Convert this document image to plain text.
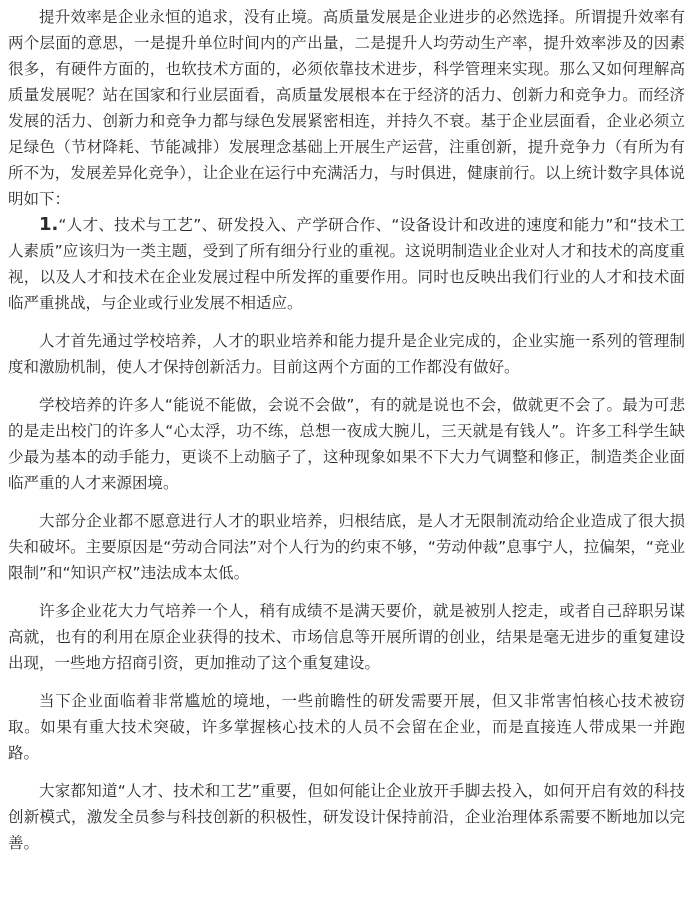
提升效率是企业永恒的追求，没有止境。高质量发展是企业进步的必然选择。所谓提升效率有两个层面的意思，一是提升单位时间内的产出量，二是提升人均劳动生产率，提升效率涉及的因素很多，有硬件方面的，也软技术方面的，必须依靠技术进步，科学管理来实现。那么又如何理解高质量发展呢？站在国家和行业层面看，高质量发展根本在于经济的活力、创新力和竞争力。而经济发展的活力、创新力和竞争力都与绿色发展紧密相连，并持久不衰。基于企业层面看，企业必须立足绿色（节材降耗、节能减排）发展理念基础上开展生产运营，注重创新，提升竞争力（有所为有所不为，发展差异化竞争），让企业在运行中充满活力，与时俱进，健康前行。以上统计数字具体说明如下：

1.“人才、技术与工艺”、研发投入、产学研合作、“设备设计和改进的速度和能力”和“技术工人素质”应该归为一类主题，受到了所有细分行业的重视。这说明制造业企业对人才和技术的高度重视，以及人才和技术在企业发展过程中所发挥的重要作用。同时也反映出我们行业的人才和技术面临严重挑战，与企业或行业发展不相适应。

人才首先通过学校培养，人才的职业培养和能力提升是企业完成的，企业实施一系列的管理制度和激励机制，使人才保持创新活力。目前这两个方面的工作都没有做好。

学校培养的许多人“能说不能做，会说不会做”，有的就是说也不会，做就更不会了。最为可悲的是走出校门的许多人“心太浮，功不练，总想一夜成大腕儿，三天就是有钱人”。许多工科学生缺少最为基本的动手能力，更谈不上动脑子了，这种现象如果不下大力气调整和修正，制造类企业面临严重的人才来源困境。

大部分企业都不愿意进行人才的职业培养，归根结底，是人才无限制流动给企业造成了很大损失和破坏。主要原因是“劳动合同法”对个人行为的约束不够，“劳动仲裁”息事宁人，拉偏架，“竞业限制”和“知识产权”违法成本太低。

许多企业花大力气培养一个人，稍有成绩不是满天要价，就是被别人挖走，或者自己辞职另谋高就，也有的利用在原企业获得的技术、市场信息等开展所谓的创业，结果是毫无进步的重复建设出现，一些地方招商引资，更加推动了这个重复建设。

当下企业面临着非常尴尬的境地，一些前瞻性的研发需要开展，但又非常害怕核心技术被窃取。如果有重大技术突破，许多掌握核心技术的人员不会留在企业，而是直接连人带成果一并跑路。

大家都知道“人才、技术和工艺”重要，但如何能让企业放开手脚去投入，如何开启有效的科技创新模式，激发全员参与科技创新的积极性，研发设计保持前沿，企业治理体系需要不断地加以完善。
